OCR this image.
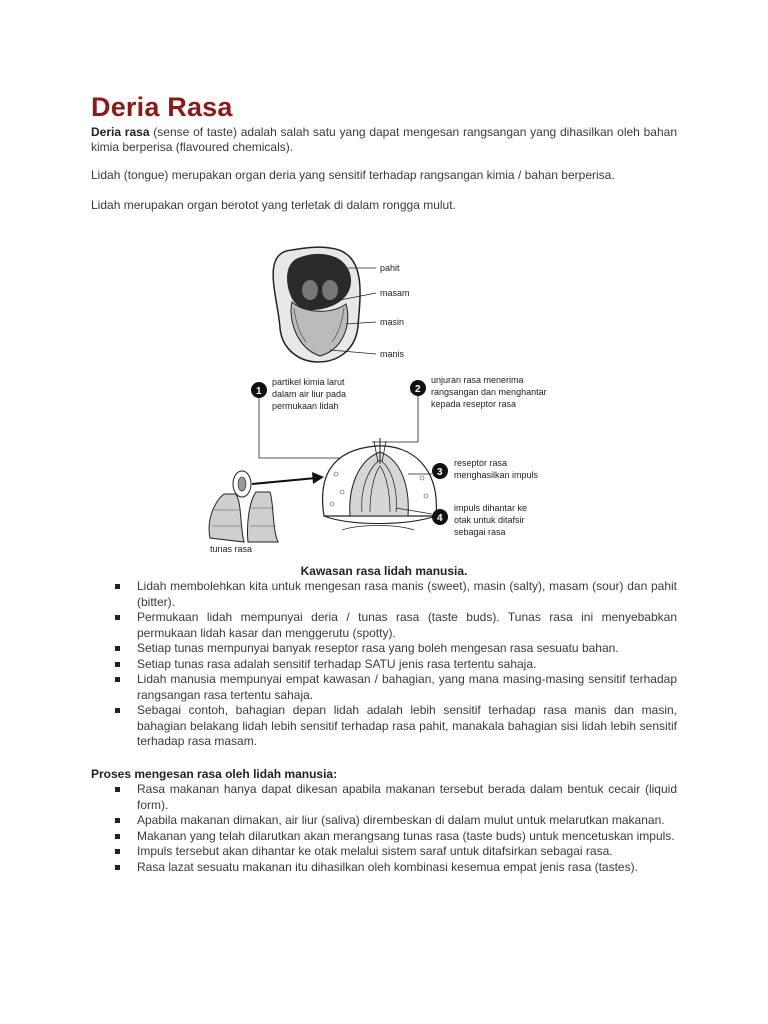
Deria Rasa

Deria rasa (sense of taste) adalah salah satu yang dapat mengesan rangsangan yang dihasilkan oleh bahan kimia berperisa (flavoured chemicals).

Lidah (tongue) merupakan organ deria yang sensitif terhadap rangsangan kimia / bahan berperisa.

Lidah merupakan organ berotot yang terletak di dalam rongga mulut.

pahit
masam
masin
manis
1
partikel kimia larut
dalam air liur pada
permukaan lidah
2
unjuran rasa menerima
rangsangan dan menghantar
kepada reseptor rasa
3
reseptor rasa
menghasilkan impuls
4
impuls dihantar ke
otak untuk ditafsir
sebagai rasa
tunas rasa

Kawasan rasa lidah manusia.

Lidah membolehkan kita untuk mengesan rasa manis (sweet), masin (salty), masam (sour) dan pahit (bitter).
Permukaan lidah mempunyai deria / tunas rasa (taste buds). Tunas rasa ini menyebabkan permukaan lidah kasar dan menggerutu (spotty).
Setiap tunas mempunyai banyak reseptor rasa yang boleh mengesan rasa sesuatu bahan.
Setiap tunas rasa adalah sensitif terhadap SATU jenis rasa tertentu sahaja.
Lidah manusia mempunyai empat kawasan / bahagian, yang mana masing-masing sensitif terhadap rangsangan rasa tertentu sahaja.
Sebagai contoh, bahagian depan lidah adalah lebih sensitif terhadap rasa manis dan masin, bahagian belakang lidah lebih sensitif terhadap rasa pahit, manakala bahagian sisi lidah lebih sensitif terhadap rasa masam.

Proses mengesan rasa oleh lidah manusia:

Rasa makanan hanya dapat dikesan apabila makanan tersebut berada dalam bentuk cecair (liquid form).
Apabila makanan dimakan, air liur (saliva) dirembeskan di dalam mulut untuk melarutkan makanan.
Makanan yang telah dilarutkan akan merangsang tunas rasa (taste buds) untuk mencetuskan impuls.
Impuls tersebut akan dihantar ke otak melalui sistem saraf untuk ditafsirkan sebagai rasa.
Rasa lazat sesuatu makanan itu dihasilkan oleh kombinasi kesemua empat jenis rasa (tastes).
